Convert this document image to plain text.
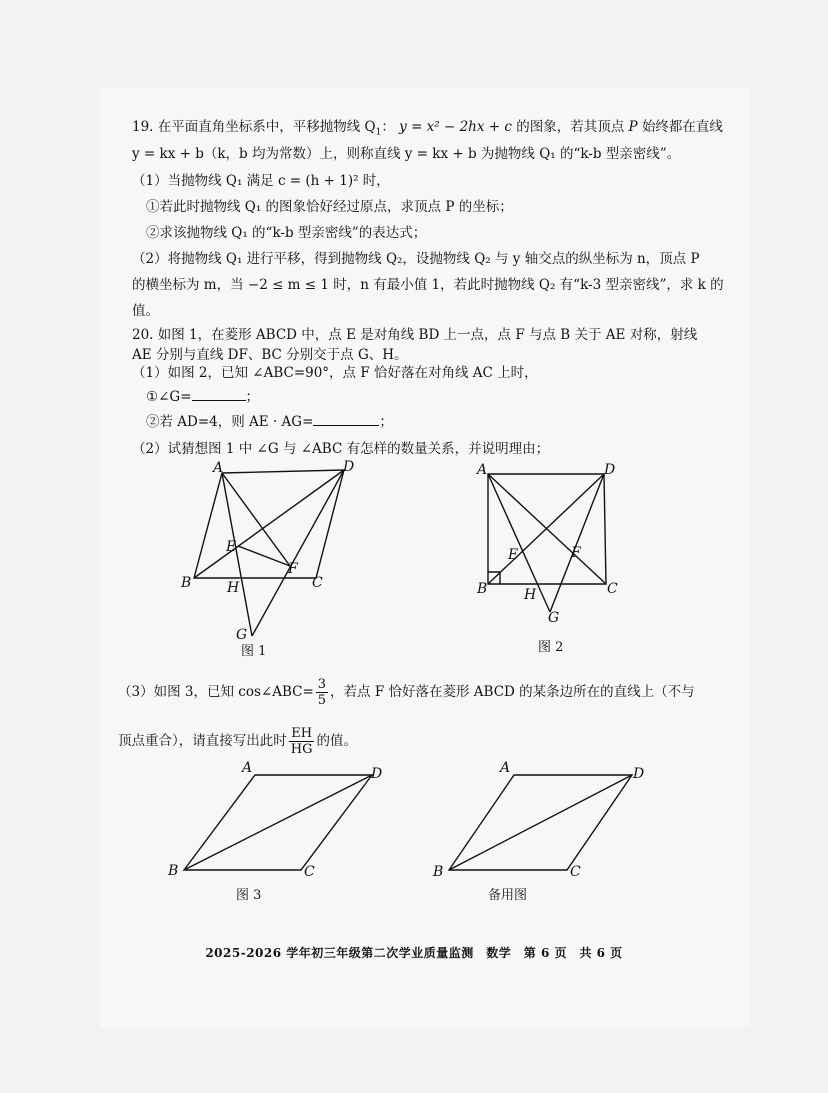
19. 在平面直角坐标系中，平移抛物线 $Q_1$： y = x² − 2hx + c 的图象，若其顶点 P 始终都在直线
y = kx + b（k，b 均为常数）上，则称直线 y = kx + b 为抛物线 Q₁ 的“k-b 型亲密线”。
（1）当抛物线 Q₁ 满足 c = (h + 1)² 时，
①若此时抛物线 Q₁ 的图象恰好经过原点，求顶点 P 的坐标；
②求该抛物线 Q₁ 的“k-b 型亲密线”的表达式；
（2）将抛物线 Q₁ 进行平移，得到抛物线 Q₂，设抛物线 Q₂ 与 y 轴交点的纵坐标为 n，顶点 P
的横坐标为 m，当 −2 ≤ m ≤ 1 时，n 有最小值 1，若此时抛物线 Q₂ 有“k-3 型亲密线”，求 k 的
值。
20. 如图 1，在菱形 ABCD 中，点 E 是对角线 BD 上一点，点 F 与点 B 关于 AE 对称，射线
AE 分别与直线 DF、BC 分别交于点 G、H。
（1）如图 2，已知 ∠ABC=90°，点 F 恰好落在对角线 AC 上时，
①∠G=	；
②若 AD=4，则 AE · AG=	；
（2）试猜想图 1 中 ∠G 与 ∠ABC 有怎样的数量关系，并说明理由；
（3）如图 3，已知 cos∠ABC= $\frac{3}{5}$ ，若点 F 恰好落在菱形 ABCD 的某条边所在的直线上（不与
顶点重合），请直接写出此时 $\frac{EH}{HG}$ 的值。
A	D
E
F
B	H	C
G
图 1
A	D
E	F
B	H
G
C
图 2
A	D
B	C
图 3
A	D
B	C
备用图
2025-2026 学年初三年级第二次学业质量监测　数学　第 6 页　共 6 页
